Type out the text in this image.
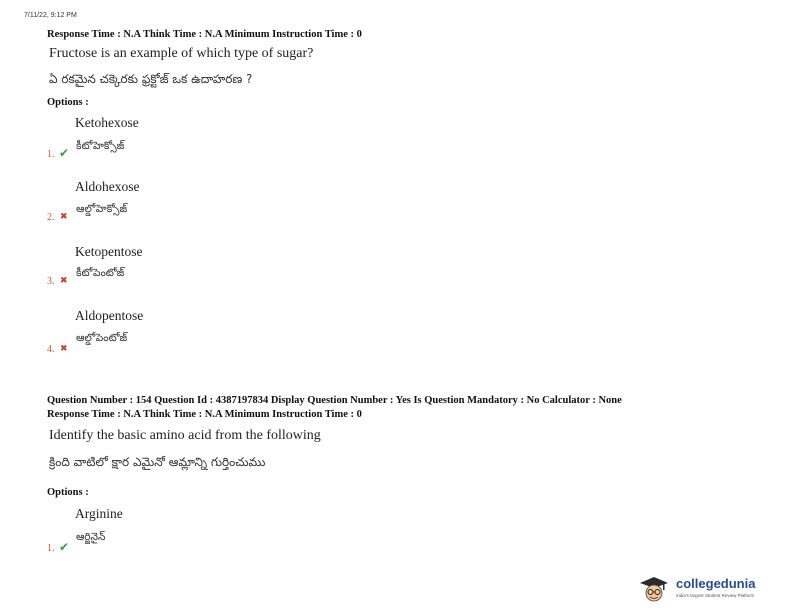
7/11/22, 9:12 PM
Response Time : N.A Think Time : N.A Minimum Instruction Time : 0
Fructose is an example of which type of sugar?
ఏ రకమైన చక్కెరకు ఫ్రక్టోజ్ ఒక ఉదాహరణ ?
Options :
Ketohexose
కీటోహెక్సోజ్
1. ✔
Aldohexose
ఆల్డోహెక్సోజ్
2. ✖
Ketopentose
కీటోపెంటోజ్
3. ✖
Aldopentose
ఆల్డోపెంటోజ్
4. ✖
Question Number : 154 Question Id : 4387197834 Display Question Number : Yes Is Question Mandatory : No Calculator : None
Response Time : N.A Think Time : N.A Minimum Instruction Time : 0
Identify the basic amino acid from the following
క్రింది వాటిలో క్షార ఎమైనో ఆమ్లాన్ని గుర్తించుము
Options :
Arginine
ఆర్జినైన్
1. ✔
collegedunia
India's largest Student Review Platform
